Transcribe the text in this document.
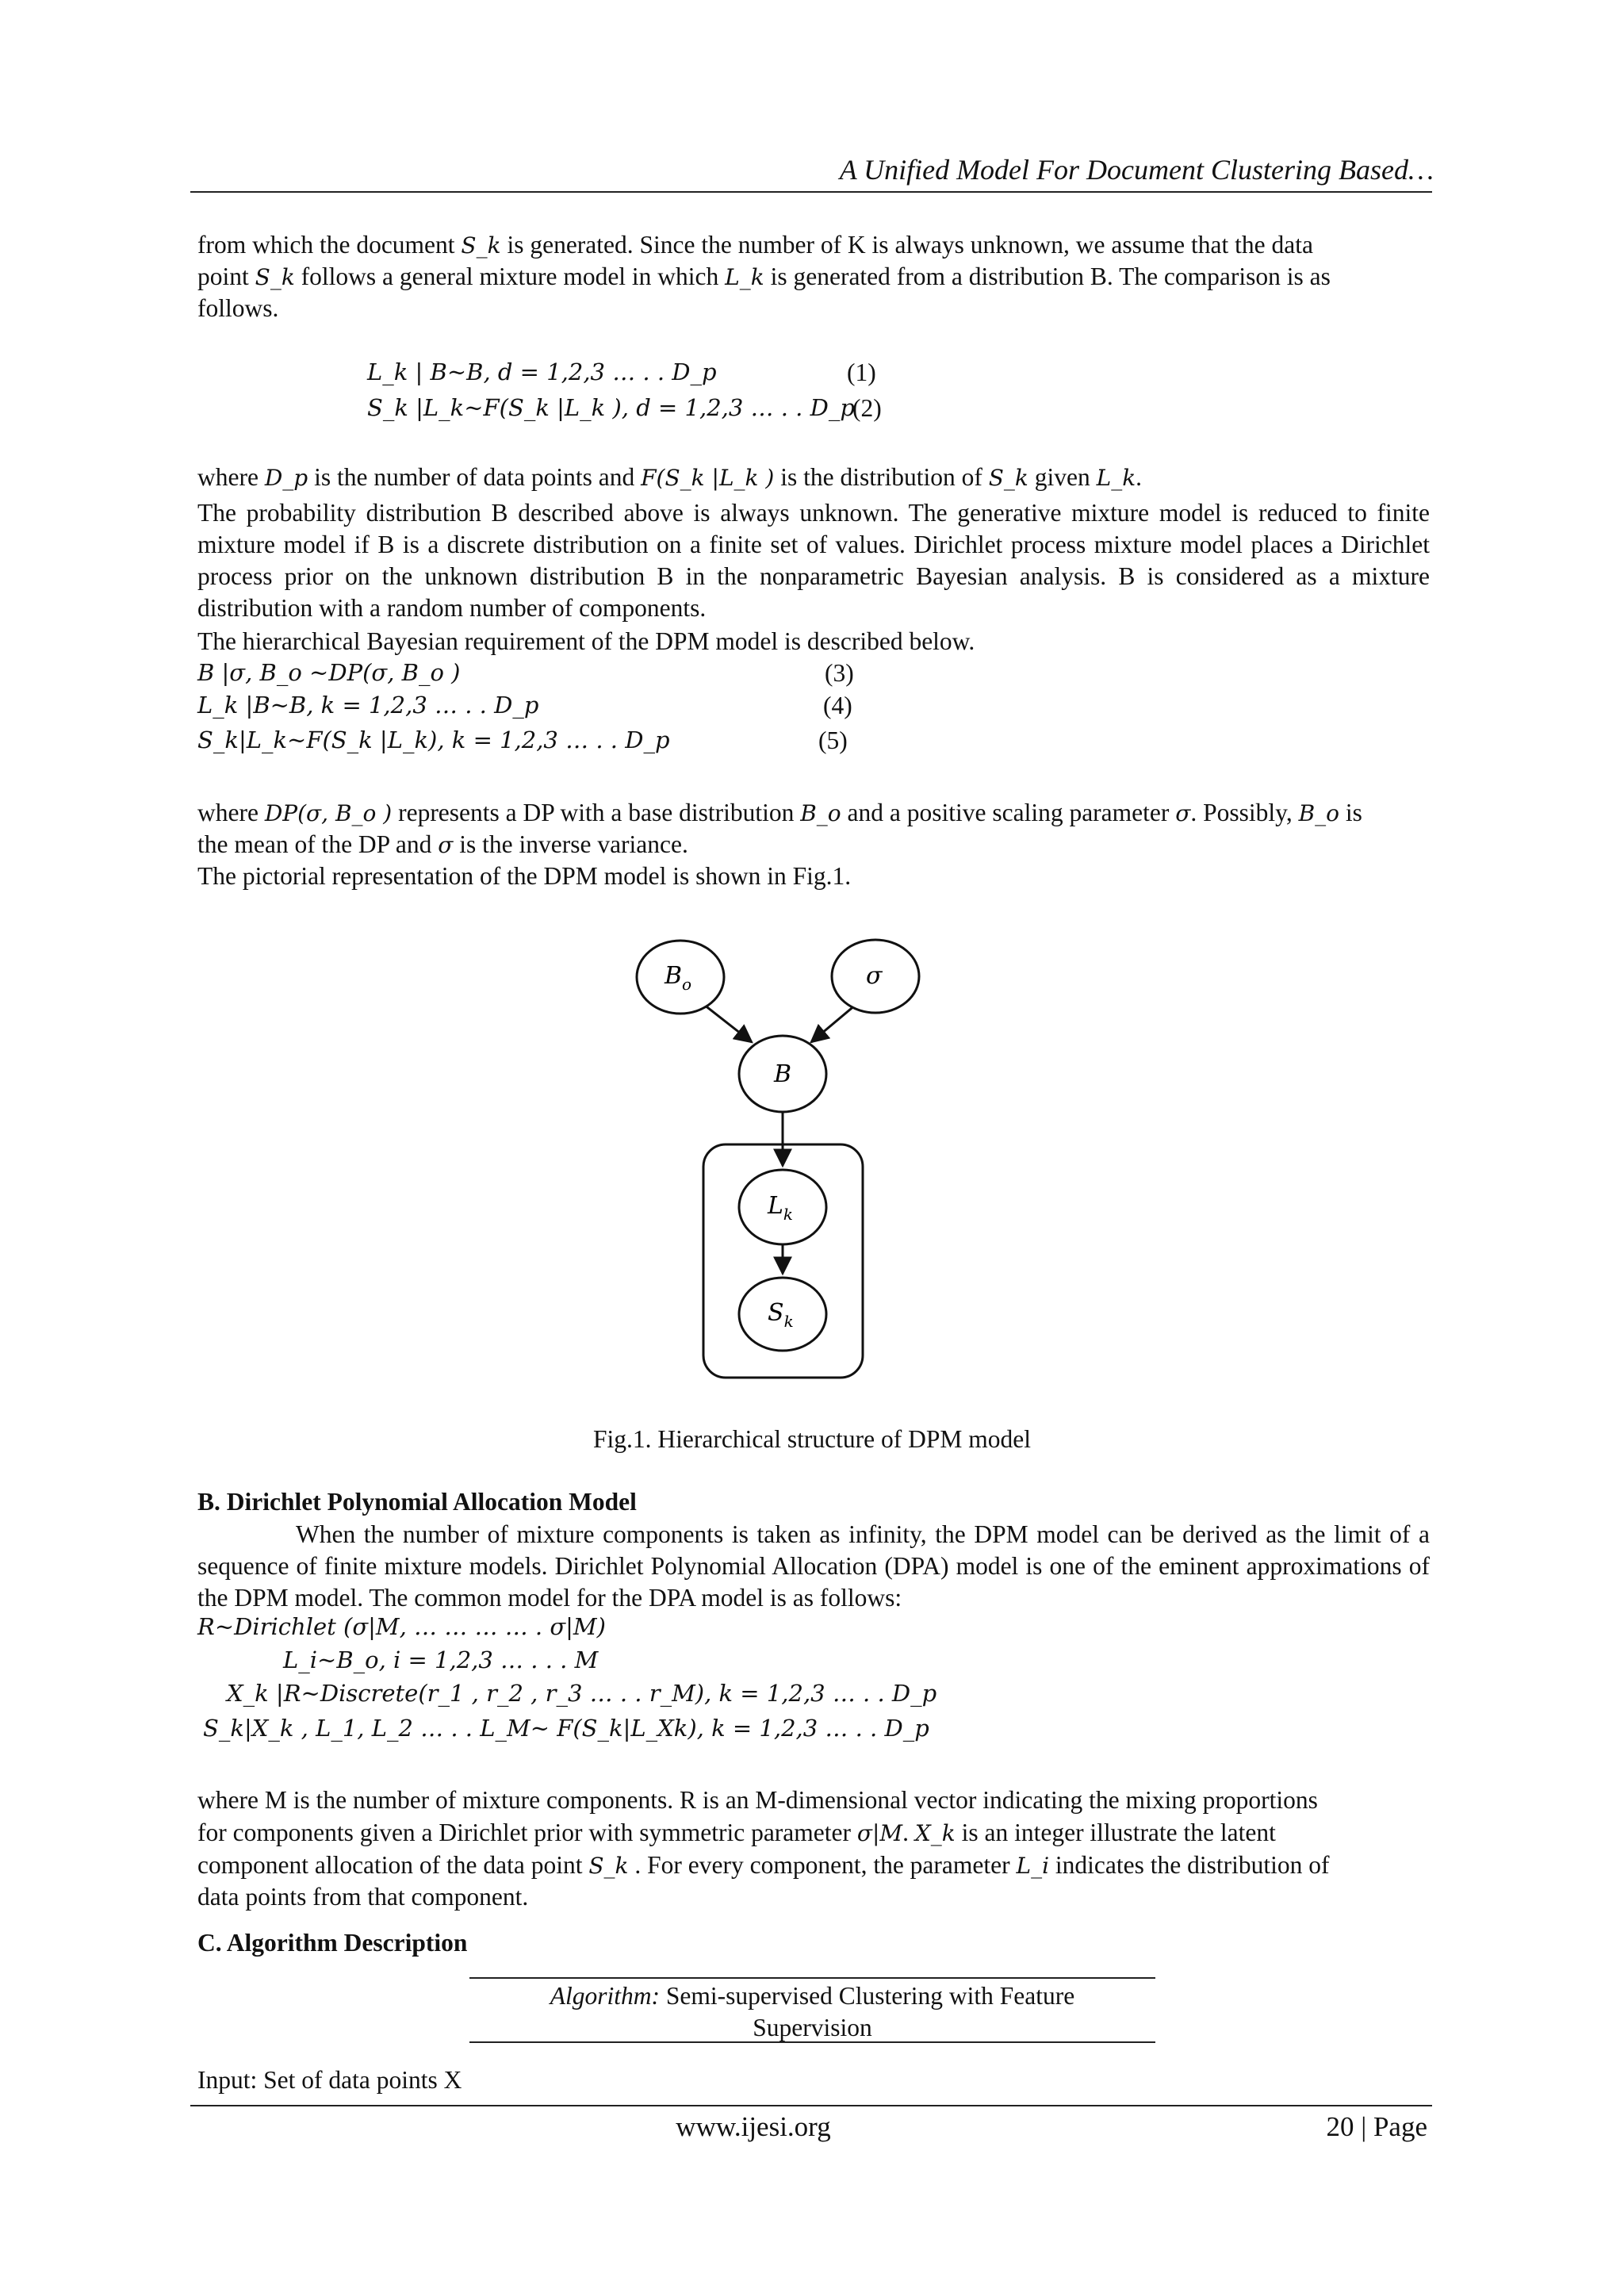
A Unified Model For Document Clustering Based…
from which the document S_k is generated. Since the number of K is always unknown, we assume that the data
point S_k follows a general mixture model in which L_k is generated from a distribution B. The comparison is as
follows.
L_k | B~B, d = 1,2,3 … . . D_p	(1)
S_k |L_k~F(S_k |L_k ), d = 1,2,3 … . . D_p
(2)
where D_p is the number of data points and F(S_k |L_k ) is the distribution of S_k given L_k.
The probability distribution B described above is always unknown. The generative mixture model is reduced to finite mixture model if B is a discrete distribution on a finite set of values. Dirichlet process mixture model places a Dirichlet process prior on the unknown distribution B in the nonparametric Bayesian analysis. B is considered as a mixture distribution with a random number of components.
The hierarchical Bayesian requirement of the DPM model is described below.
B |σ, B_o ~DP(σ, B_o )	(3)
L_k |B~B, k = 1,2,3 … . . D_p	(4)
S_k|L_k~F(S_k |L_k), k = 1,2,3 … . . D_p	(5)
where DP(σ, B_o ) represents a DP with a base distribution B_o and a positive scaling parameter σ. Possibly, B_o is
the mean of the DP and σ is the inverse variance.
The pictorial representation of the DPM model is shown in Fig.1.
$B_o$	σ
B
$L_k$
$S_k$
Fig.1. Hierarchical structure of DPM model
B. Dirichlet Polynomial Allocation Model
When the number of mixture components is taken as infinity, the DPM model can be derived as the limit of a sequence of finite mixture models. Dirichlet Polynomial Allocation (DPA) model is one of the eminent approximations of the DPM model. The common model for the DPA model is as follows:
R~Dirichlet (σ|M, … … … … . σ|M)
L_i~B_o, i = 1,2,3 … . . . M
X_k |R~Discrete(r_1 , r_2 , r_3 … . . r_M), k = 1,2,3 … . . D_p
S_k|X_k , L_1, L_2 … . . L_M~ F(S_k|L_Xk), k = 1,2,3 … . . D_p
where M is the number of mixture components. R is an M-dimensional vector indicating the mixing proportions
for components given a Dirichlet prior with symmetric parameter σ|M. X_k is an integer illustrate the latent
component allocation of the data point S_k . For every component, the parameter L_i indicates the distribution of
data points from that component.
C. Algorithm Description
Algorithm: Semi-supervised Clustering with Feature
Supervision
Input: Set of data points X
www.ijesi.org	20 | Page
